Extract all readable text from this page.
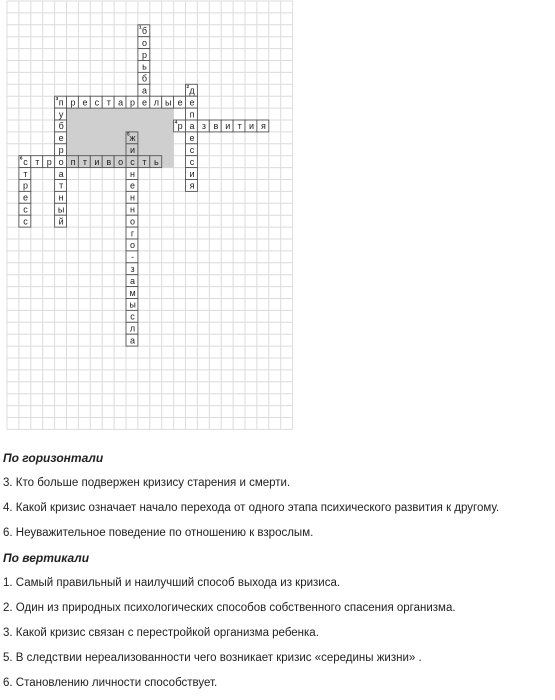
1 б
о
р
ь
б
а	2 д
е
п
а
е
с
с
и
я
3 п р е с т а р е л ы е
у
б
е
р
о
а
т
н
ы
й
4 р з в и т и я
5 ж
и
с
н
е
н
н
о
г
о
-
з
а
м
ы
с
л
а
6 с т р п т и в о т ь
т
р
е
с
с
По горизонтали
3. Кто больше подвержен кризису старения и смерти.
4. Какой кризис означает начало перехода от одного этапа психического развития к другому.
6. Неуважительное поведение по отношению к взрослым.
По вертикали
1. Самый правильный и наилучший способ выхода из кризиса.
2. Один из природных психологических способов собственного спасения организма.
3. Какой кризис связан с перестройкой организма ребенка.
5. В следствии нереализованности чего возникает кризис «середины жизни» .
6. Становлению личности способствует.
